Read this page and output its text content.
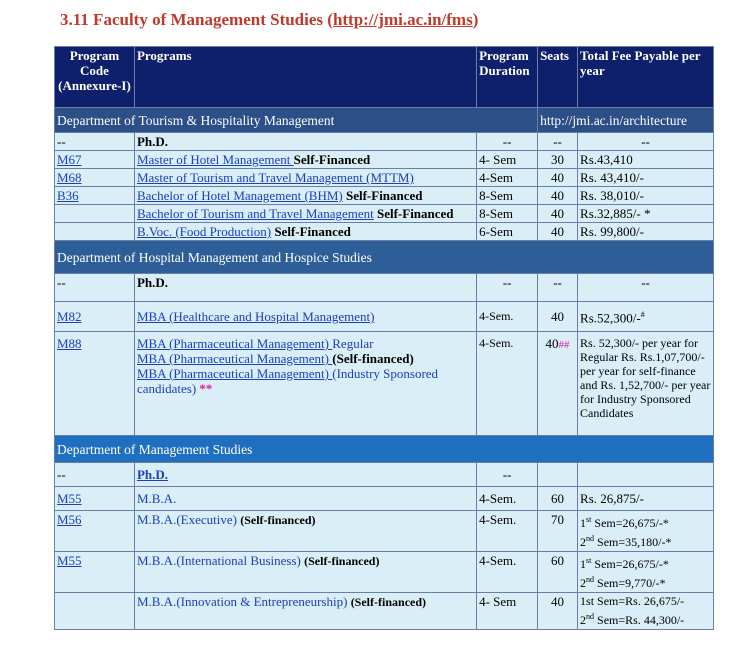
3.11 Faculty of Management Studies (http://jmi.ac.in/fms)
Program Code (Annexure-I)	Programs	Program Duration	Seats	Total Fee Payable per year
Department of Tourism & Hospitality Management			http://jmi.ac.in/architecture	
--	Ph.D.	--	--	--
M67	Master of Hotel Management Self-Financed	4- Sem	30	Rs.43,410
M68	Master of Tourism and Travel Management (MTTM)	4-Sem	40	Rs. 43,410/-
B36	Bachelor of Hotel Management (BHM) Self-Financed	8-Sem	40	Rs. 38,010/-
	Bachelor of Tourism and Travel Management Self-Financed	8-Sem	40	Rs.32,885/- *
	B.Voc. (Food Production) Self-Financed	6-Sem	40	Rs. 99,800/-
Department of Hospital Management and Hospice Studies				
--	Ph.D.	--	--	--
M82	MBA (Healthcare and Hospital Management)	4-Sem.	40	Rs.52,300/-#
M88	MBA (Pharmaceutical Management) Regular
MBA (Pharmaceutical Management) (Self-financed)
MBA (Pharmaceutical Management) (Industry Sponsored candidates) **	4-Sem.	40##	Rs. 52,300/- per year for Regular Rs. Rs.1,07,700/- per year for self-finance and Rs. 1,52,700/- per year for Industry Sponsored Candidates
Department of Management Studies				
--	Ph.D.	--		
M55	M.B.A.	4-Sem.	60	Rs. 26,875/-
M56	M.B.A.(Executive) (Self-financed)	4-Sem.	70	1st Sem=26,675/-*
2nd Sem=35,180/-*

M55	M.B.A.(International Business) (Self-financed)	4-Sem.	60	1st Sem=26,675/-*
2nd Sem=9,770/-*

	M.B.A.(Innovation & Entrepreneurship) (Self-financed)	4- Sem	40	1st Sem=Rs. 26,675/-
2nd Sem=Rs. 44,300/-
